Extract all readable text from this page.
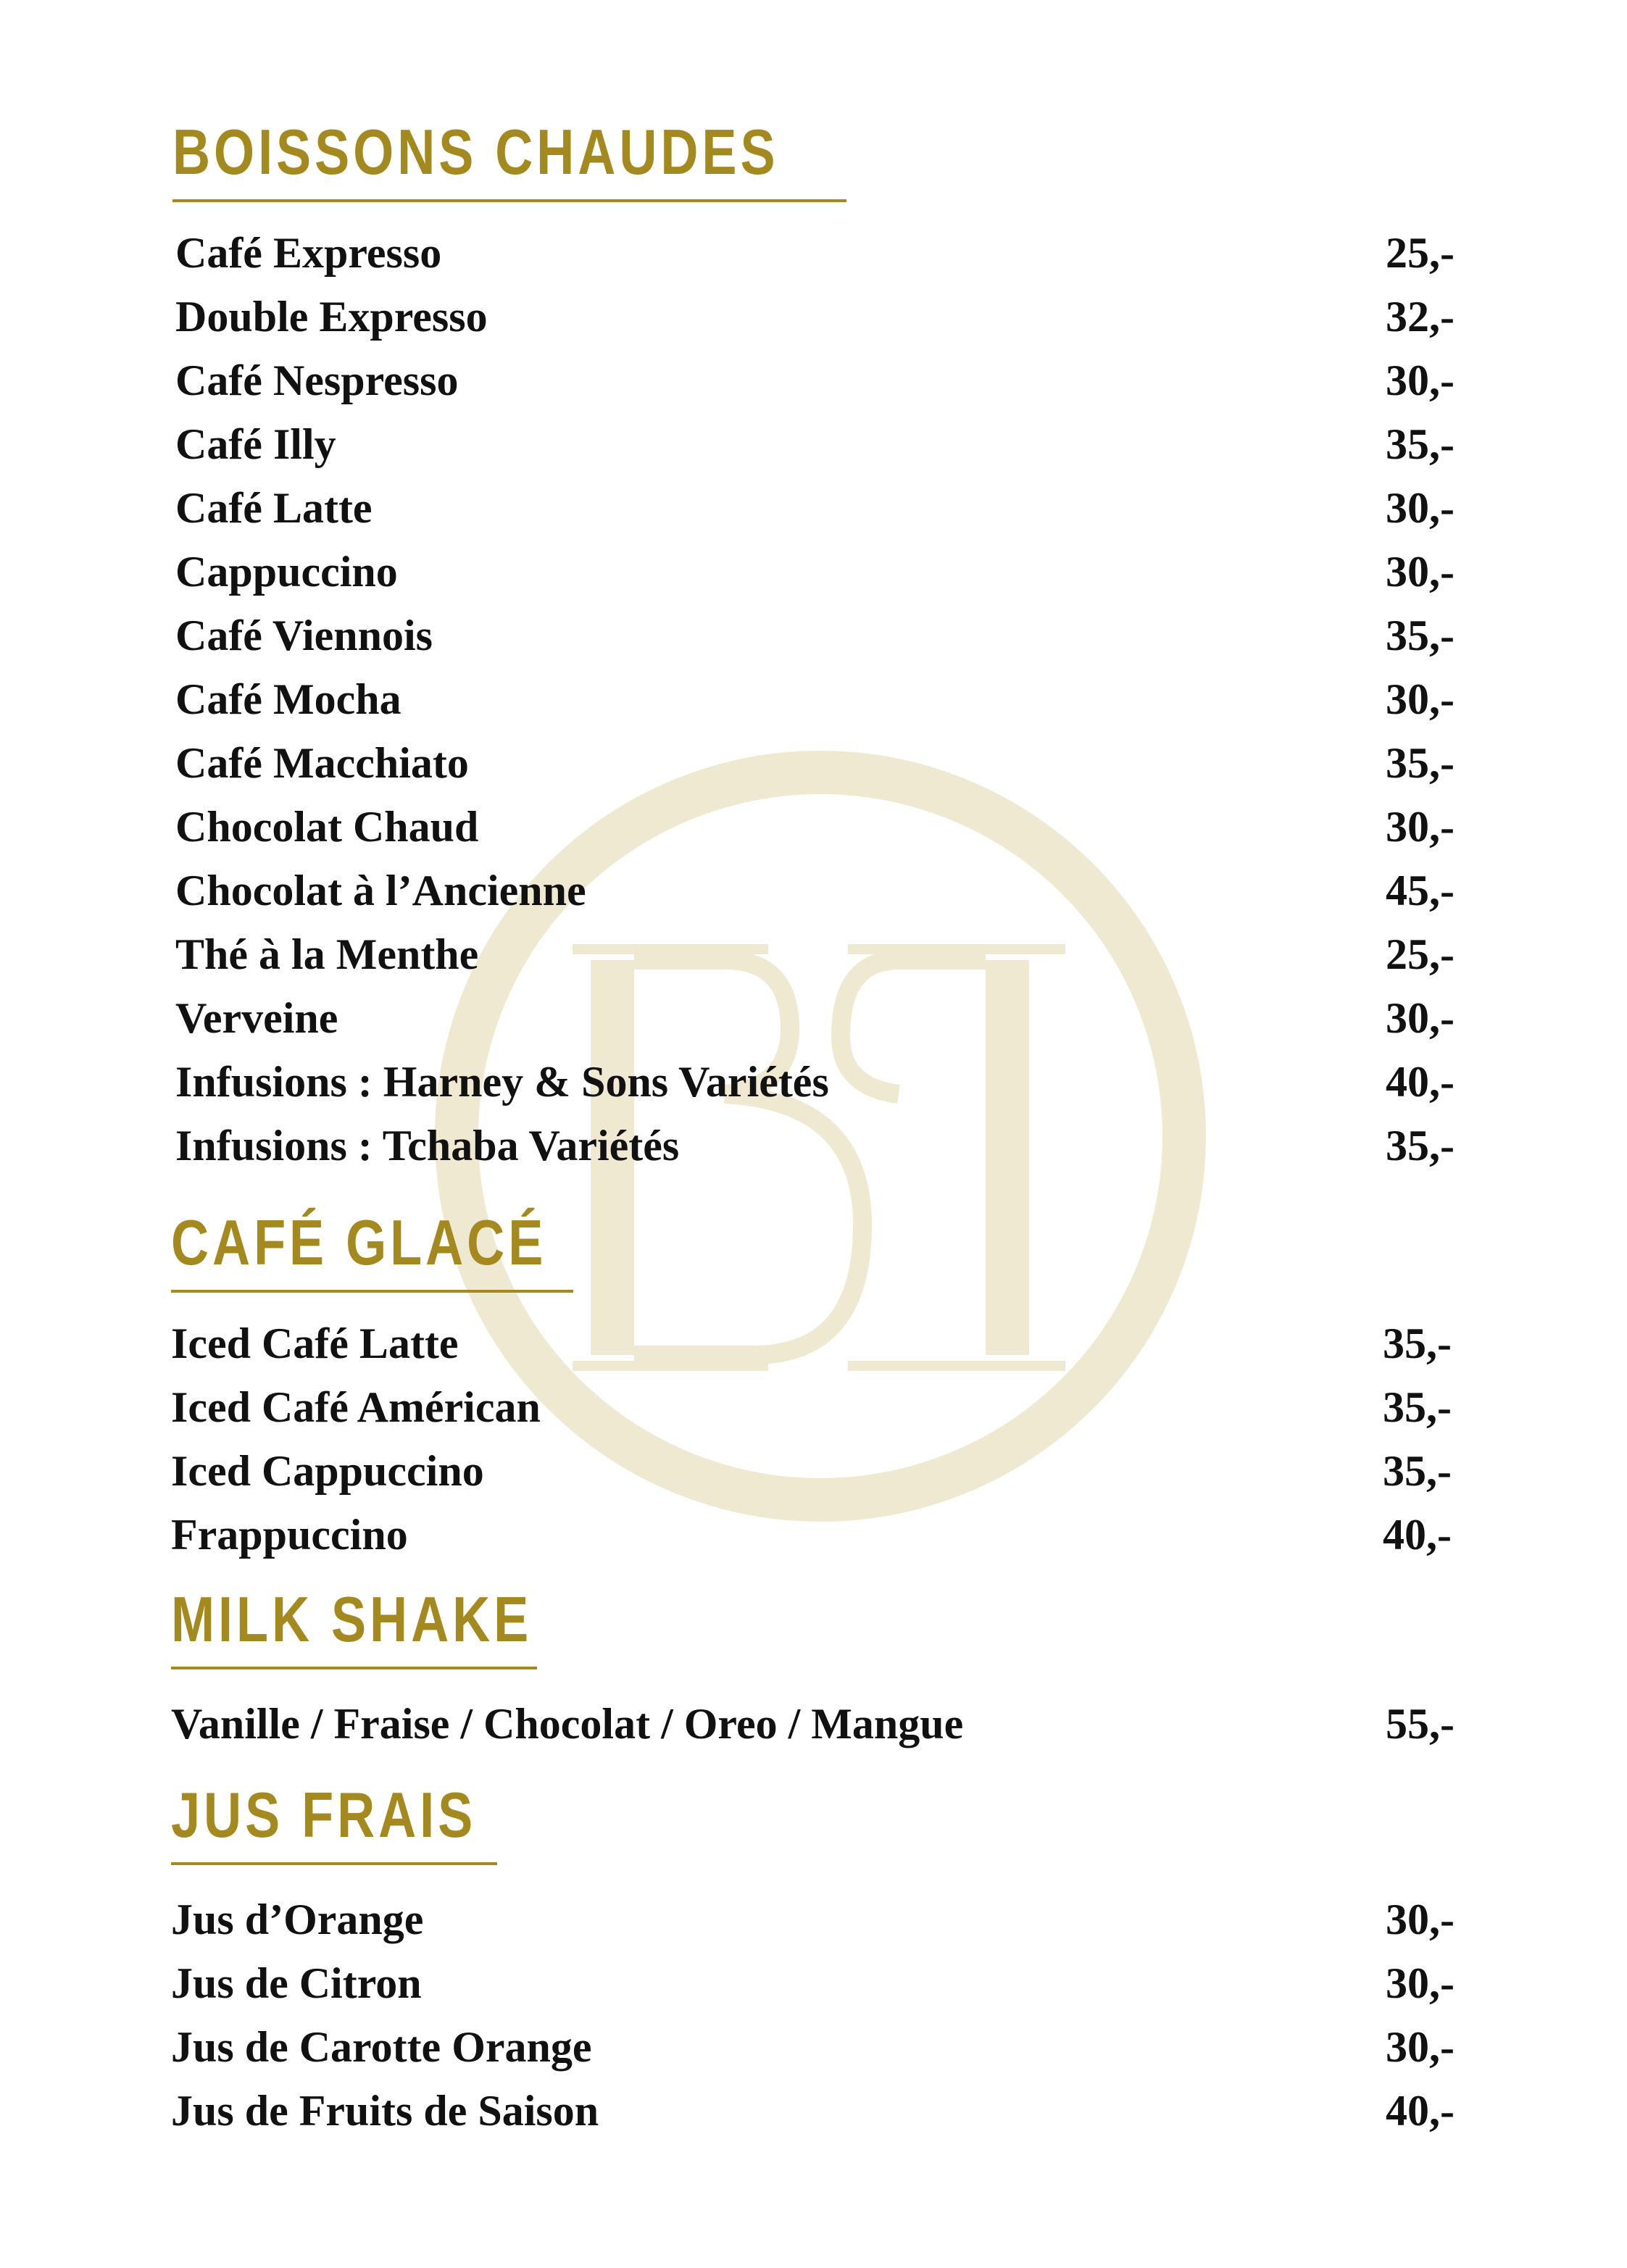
BOISSONS CHAUDES
Café Expresso	25,-
Double Expresso	32,-
Café Nespresso	30,-
Café Illy	35,-
Café Latte	30,-
Cappuccino	30,-
Café Viennois	35,-
Café Mocha	30,-
Café Macchiato	35,-
Chocolat Chaud	30,-
Chocolat à l’Ancienne	45,-
Thé à la Menthe	25,-
Verveine	30,-
Infusions : Harney & Sons Variétés	40,-
Infusions : Tchaba Variétés	35,-
CAFÉ GLACÉ
Iced Café Latte	35,-
Iced Café Américan	35,-
Iced Cappuccino	35,-
Frappuccino	40,-
MILK SHAKE
Vanille / Fraise / Chocolat / Oreo / Mangue	55,-
JUS FRAIS
Jus d’Orange	30,-
Jus de Citron	30,-
Jus de Carotte Orange	30,-
Jus de Fruits de Saison	40,-
